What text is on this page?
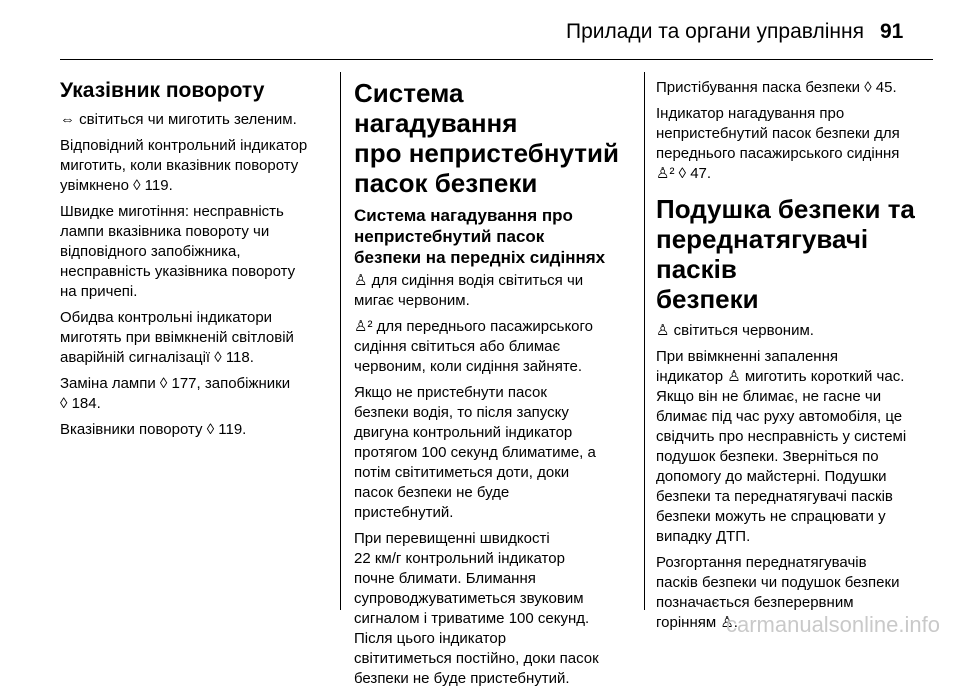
Прилади та органи управління 91
Указівник повороту

⇔ світиться чи миготить зеленим.

Відповідний контрольний індикатор
миготить, коли вказівник повороту
увімкнено ◊ 119.

Швидке миготіння: несправність
лампи вказівника повороту чи
відповідного запобіжника,
несправність указівника повороту
на причепі.

Обидва контрольні індикатори
миготять при ввімкненій світловій
аварійній сигналізації ◊ 118.

Заміна лампи ◊ 177, запобіжники
◊ 184.

Вказівники повороту ◊ 119.

Система нагадування
про непристебнутий
пасок безпеки
Система нагадування про
непристебнутий пасок
безпеки на передніх сидіннях

♙ для сидіння водія світиться чи
мигає червоним.

♙² для переднього пасажирського
сидіння світиться або блимає
червоним, коли сидіння зайняте.

Якщо не пристебнути пасок
безпеки водія, то після запуску
двигуна контрольний індикатор
протягом 100 секунд блиматиме, а
потім світитиметься доти, доки
пасок безпеки не буде
пристебнутий.

При перевищенні швидкості
22 км/г контрольний індикатор
почне блимати. Блимання
супроводжуватиметься звуковим
сигналом і триватиме 100 секунд.
Після цього індикатор
світитиметься постійно, доки пасок
безпеки не буде пристебнутий.

Пристібування паска безпеки ◊ 45.

Індикатор нагадування про
непристебнутий пасок безпеки для
переднього пасажирського сидіння
♙² ◊ 47.

Подушка безпеки та
переднатягувачі пасків
безпеки

♙ світиться червоним.

При ввімкненні запалення
індикатор ♙ миготить короткий час.
Якщо він не блимає, не гасне чи
блимає під час руху автомобіля, це
свідчить про несправність у системі
подушок безпеки. Зверніться по
допомогу до майстерні. Подушки
безпеки та переднатягувачі пасків
безпеки можуть не спрацювати у
випадку ДТП.

Розгортання переднатягувачів
пасків безпеки чи подушок безпеки
позначається безперервним
горінням ♙.

carmanualsonline.info
